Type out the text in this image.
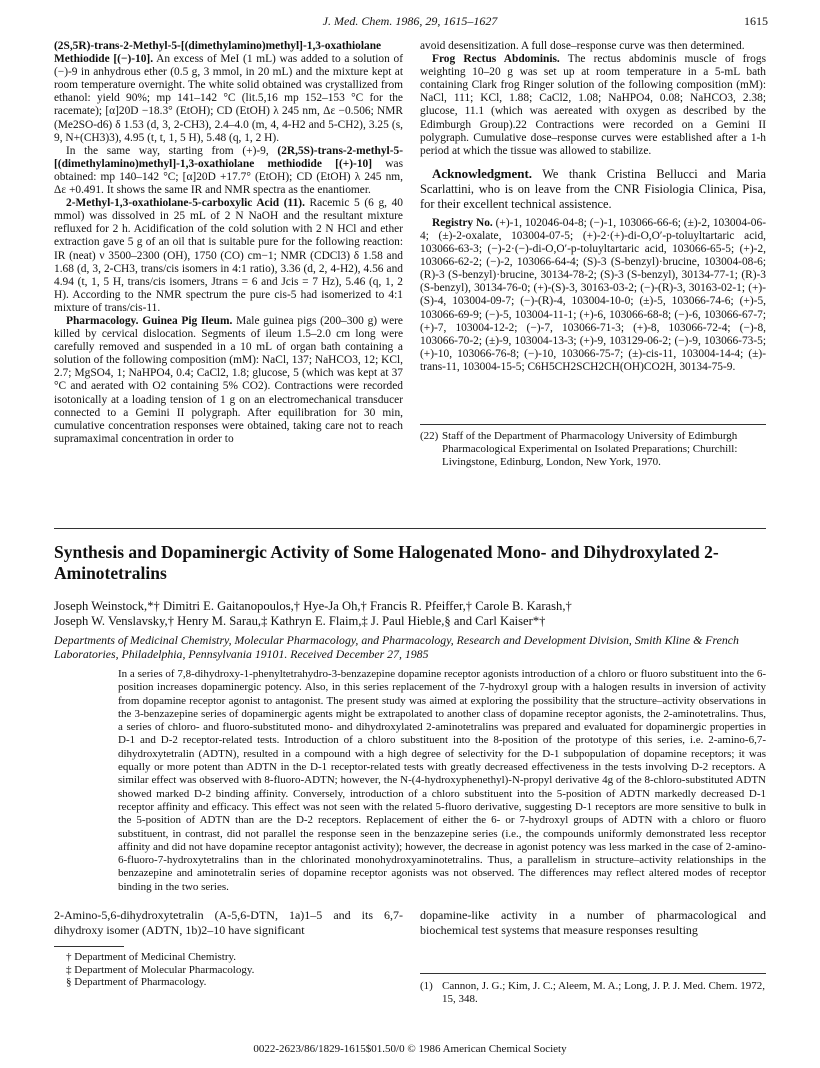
J. Med. Chem. 1986, 29, 1615–1627	1615

(2S,5R)-trans-2-Methyl-5-[(dimethylamino)methyl]-1,3-oxathiolane Methiodide [(−)-10]. An excess of MeI (1 mL) was added to a solution of (−)-9 in anhydrous ether (0.5 g, 3 mmol, in 20 mL) and the mixture kept at room temperature overnight. The white solid obtained was crystallized from ethanol: yield 90%; mp 141–142 °C (lit.5,16 mp 152–153 °C for the racemate); [α]20D −18.3° (EtOH); CD (EtOH) λ 245 nm, Δε −0.506; NMR (Me2SO-d6) δ 1.53 (d, 3, 2-CH3), 2.4–4.0 (m, 4, 4-H2 and 5-CH2), 3.25 (s, 9, N+(CH3)3), 4.95 (t, t, 1, 5 H), 5.48 (q, 1, 2 H).

In the same way, starting from (+)-9, (2R,5S)-trans-2-methyl-5-[(dimethylamino)methyl]-1,3-oxathiolane methiodide [(+)-10] was obtained: mp 140–142 °C; [α]20D +17.7° (EtOH); CD (EtOH) λ 245 nm, Δε +0.491. It shows the same IR and NMR spectra as the enantiomer.

2-Methyl-1,3-oxathiolane-5-carboxylic Acid (11). Racemic 5 (6 g, 40 mmol) was dissolved in 25 mL of 2 N NaOH and the resultant mixture refluxed for 2 h. Acidification of the cold solution with 2 N HCl and ether extraction gave 5 g of an oil that is suitable pure for the following reaction: IR (neat) ν 3500–2300 (OH), 1750 (CO) cm−1; NMR (CDCl3) δ 1.58 and 1.68 (d, 3, 2-CH3, trans/cis isomers in 4:1 ratio), 3.36 (d, 2, 4-H2), 4.56 and 4.94 (t, 1, 5 H, trans/cis isomers, Jtrans = 6 and Jcis = 7 Hz), 5.46 (q, 1, 2 H). According to the NMR spectrum the pure cis-5 had isomerized to 4:1 mixture of trans/cis-11.

Pharmacology. Guinea Pig Ileum. Male guinea pigs (200–300 g) were killed by cervical dislocation. Segments of ileum 1.5–2.0 cm long were carefully removed and suspended in a 10 mL of organ bath containing a solution of the following composition (mM): NaCl, 137; NaHCO3, 12; KCl, 2.7; MgSO4, 1; NaHPO4, 0.4; CaCl2, 1.8; glucose, 5 (which was kept at 37 °C and aerated with O2 containing 5% CO2). Contractions were recorded isotonically at a loading tension of 1 g on an electromechanical transducer connected to a Gemini II polygraph. After equilibration for 30 min, cumulative concentration responses were obtained, taking care not to reach supramaximal concentration in order to

avoid desensitization. A full dose–response curve was then determined.

Frog Rectus Abdominis. The rectus abdominis muscle of frogs weighting 10–20 g was set up at room temperature in a 5-mL bath containing Clark frog Ringer solution of the following composition (mM): NaCl, 111; KCl, 1.88; CaCl2, 1.08; NaHPO4, 0.08; NaHCO3, 2.38; glucose, 11.1 (which was aereated with oxygen as described by the Edimburgh Group).22 Contractions were recorded on a Gemini II polygraph. Cumulative dose–response curves were established after a 1-h period at which the tissue was allowed to stabilize.

Acknowledgment. We thank Cristina Bellucci and Maria Scarlattini, who is on leave from the CNR Fisiologia Clinica, Pisa, for their excellent technical assistence.

Registry No. (+)-1, 102046-04-8; (−)-1, 103066-66-6; (±)-2, 103004-06-4; (±)-2-oxalate, 103004-07-5; (+)-2·(+)-di-O,O′-p-toluyltartaric acid, 103066-63-3; (−)-2·(−)-di-O,O′-p-toluyltartaric acid, 103066-65-5; (+)-2, 103066-62-2; (−)-2, 103066-64-4; (S)-3 (S-benzyl)·brucine, 103004-08-6; (R)-3 (S-benzyl)·brucine, 30134-78-2; (S)-3 (S-benzyl), 30134-77-1; (R)-3 (S-benzyl), 30134-76-0; (+)-(S)-3, 30163-03-2; (−)-(R)-3, 30163-02-1; (+)-(S)-4, 103004-09-7; (−)-(R)-4, 103004-10-0; (±)-5, 103066-74-6; (+)-5, 103066-69-9; (−)-5, 103004-11-1; (+)-6, 103066-68-8; (−)-6, 103066-67-7; (+)-7, 103004-12-2; (−)-7, 103066-71-3; (+)-8, 103066-72-4; (−)-8, 103066-70-2; (±)-9, 103004-13-3; (+)-9, 103129-06-2; (−)-9, 103066-73-5; (+)-10, 103066-76-8; (−)-10, 103066-75-7; (±)-cis-11, 103004-14-4; (±)-trans-11, 103004-15-5; C6H5CH2SCH2CH(OH)CO2H, 30134-75-9.

(22) Staff of the Department of Pharmacology University of Edimburgh Pharmacological Experimental on Isolated Preparations; Churchill: Livingstone, Edinburg, London, New York, 1970.
Synthesis and Dopaminergic Activity of Some Halogenated Mono- and Dihydroxylated 2-Aminotetralins
Joseph Weinstock,*† Dimitri E. Gaitanopoulos,† Hye-Ja Oh,† Francis R. Pfeiffer,† Carole B. Karash,†
Joseph W. Venslavsky,† Henry M. Sarau,‡ Kathryn E. Flaim,‡ J. Paul Hieble,§ and Carl Kaiser*†
Departments of Medicinal Chemistry, Molecular Pharmacology, and Pharmacology, Research and Development Division, Smith Kline & French Laboratories, Philadelphia, Pennsylvania 19101. Received December 27, 1985
In a series of 7,8-dihydroxy-1-phenyltetrahydro-3-benzazepine dopamine receptor agonists introduction of a chloro or fluoro substituent into the 6-position increases dopaminergic potency. Also, in this series replacement of the 7-hydroxyl group with a halogen results in inversion of activity from dopamine receptor agonist to antagonist. The present study was aimed at exploring the possibility that the structure–activity observations in the 3-benzazepine series of dopaminergic agents might be extrapolated to another class of dopamine receptor agonists, the 2-aminotetralins. Thus, a series of chloro- and fluoro-substituted mono- and dihydroxylated 2-aminotetralins was prepared and evaluated for dopaminergic properties in D-1 and D-2 receptor-related tests. Introduction of a chloro substituent into the 8-position of the prototype of this series, i.e. 2-amino-6,7-dihydroxytetralin (ADTN), resulted in a compound with a high degree of selectivity for the D-1 subpopulation of dopamine receptors; it was equally or more potent than ADTN in the D-1 receptor-related tests with greatly decreased effectiveness in the tests involving D-2 receptors. A similar effect was observed with 8-fluoro-ADTN; however, the N-(4-hydroxyphenethyl)-N-propyl derivative 4g of the 8-chloro-substituted ADTN showed marked D-2 binding affinity. Conversely, introduction of a chloro substituent into the 5-position of ADTN markedly decreased D-1 receptor affinity and efficacy. This effect was not seen with the related 5-fluoro derivative, suggesting D-1 receptors are more sensitive to bulk in the 5-position of ADTN than are the D-2 receptors. Replacement of either the 6- or 7-hydroxyl groups of ADTN with a chloro or fluoro substituent, in contrast, did not parallel the response seen in the benzazepine series (i.e., the compounds uniformly demonstrated less receptor affinity and did not have dopamine receptor antagonist activity); however, the decrease in agonist potency was less marked in the case of 2-amino-6-fluoro-7-hydroxytetralins than in the chlorinated monohydroxyaminotetralins. Thus, a parallelism in structure–activity relationships in the benzazepine and aminotetralin series of dopamine receptor agonists was not observed. The differences may reflect altered modes of receptor binding in the two series.
2-Amino-5,6-dihydroxytetralin (A-5,6-DTN, 1a)1–5 and its 6,7-dihydroxy isomer (ADTN, 1b)2–10 have significant
dopamine-like activity in a number of pharmacological and biochemical test systems that measure responses resulting
† Department of Medicinal Chemistry.
‡ Department of Molecular Pharmacology.
§ Department of Pharmacology.	(1) Cannon, J. G.; Kim, J. C.; Aleem, M. A.; Long, J. P. J. Med. Chem. 1972, 15, 348.
0022-2623/86/1829-1615$01.50/0 © 1986 American Chemical Society
